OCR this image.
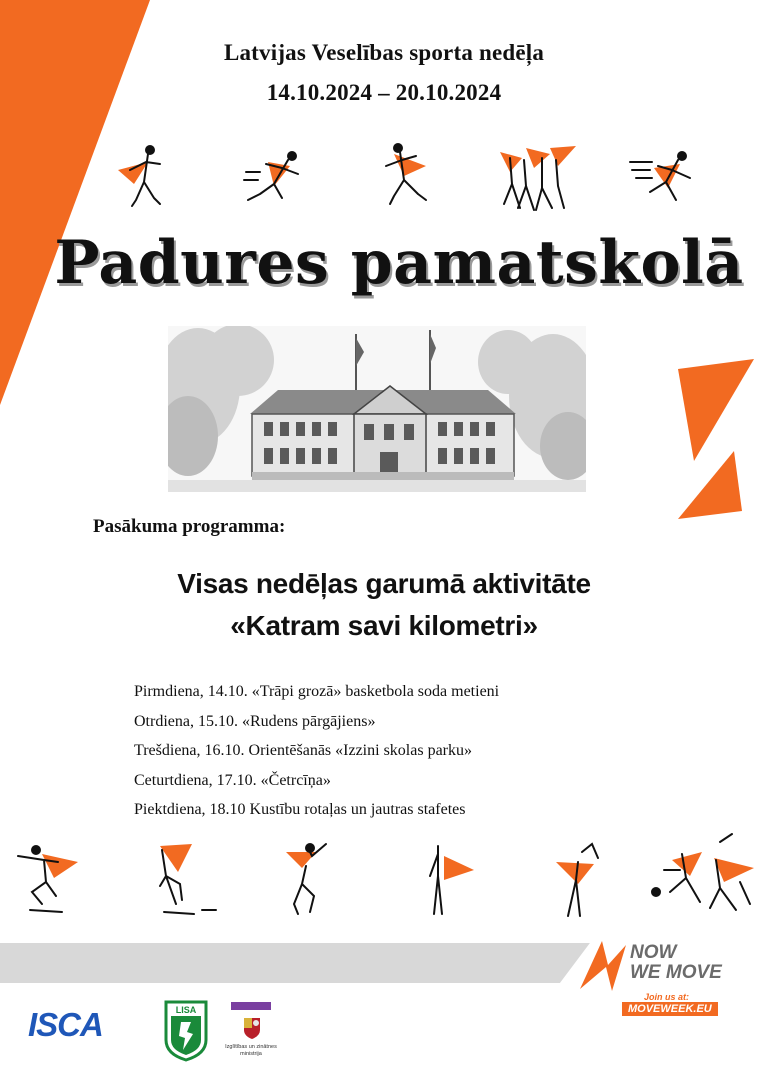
Latvijas Veselības sporta nedēļa
14.10.2024 – 20.10.2024
Padures pamatskolā
Pasākuma programma:
Visas nedēļas garumā aktivitāte
«Katram savi kilometri»
Pirmdiena, 14.10. «Trāpi grozā» basketbola soda metieni
Otrdiena, 15.10. «Rudens pārgājiens»
Trešdiena, 16.10. Orientēšanās «Izzini skolas parku»
Ceturtdiena, 17.10. «Četrcīņa»
Piektdiena, 18.10 Kustību rotaļas un jautras stafetes
NOW
WE MOVE
Join us at:
MOVEWEEK.EU
ISCA	LISA
Izglītības un zinātnes
ministrija
